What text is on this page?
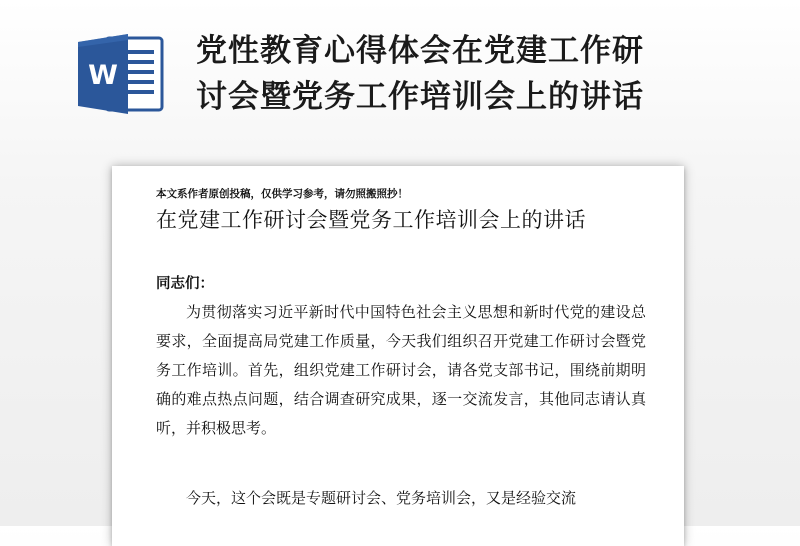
W
党性教育心得体会在党建工作研
讨会暨党务工作培训会上的讲话
本文系作者原创投稿，仅供学习参考，请勿照搬照抄！
在党建工作研讨会暨党务工作培训会上的讲话
同志们：

为贯彻落实习近平新时代中国特色社会主义思想和新时代党的建设总要求，全面提高局党建工作质量，今天我们组织召开党建工作研讨会暨党务工作培训。首先，组织党建工作研讨会，请各党支部书记，围绕前期明确的难点热点问题，结合调查研究成果，逐一交流发言，其他同志请认真听，并积极思考。

今天，这个会既是专题研讨会、党务培训会，又是经验交流
